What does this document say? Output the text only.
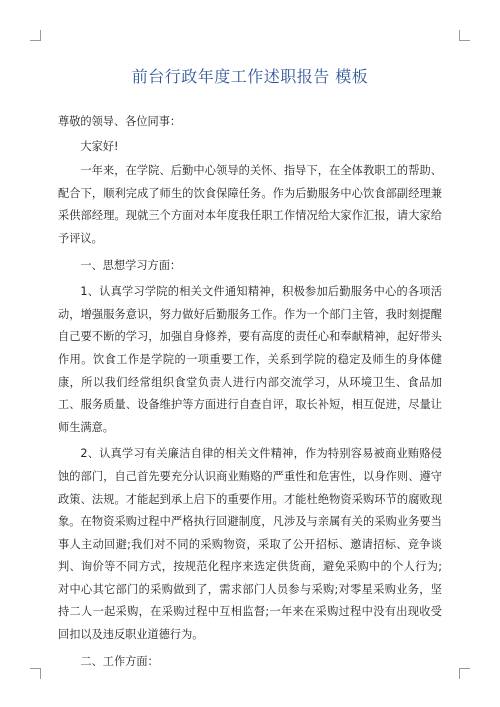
前台行政年度工作述职报告 模板

尊敬的领导、各位同事：

大家好!

一年来，在学院、后勤中心领导的关怀、指导下，在全体教职工的帮助、配合下，顺利完成了师生的饮食保障任务。作为后勤服务中心饮食部副经理兼采供部经理。现就三个方面对本年度我任职工作情况给大家作汇报，请大家给予评议。

一、思想学习方面：

1、认真学习学院的相关文件通知精神，积极参加后勤服务中心的各项活动，增强服务意识，努力做好后勤服务工作。作为一个部门主管，我时刻提醒自己要不断的学习，加强自身修养，要有高度的责任心和奉献精神，起好带头作用。饮食工作是学院的一项重要工作，关系到学院的稳定及师生的身体健康，所以我们经常组织食堂负责人进行内部交流学习，从环境卫生、食品加工、服务质量、设备维护等方面进行自查自评，取长补短，相互促进，尽量让师生满意。

2、认真学习有关廉洁自律的相关文件精神，作为特别容易被商业贿赂侵蚀的部门，自己首先要充分认识商业贿赂的严重性和危害性，以身作则、遵守政策、法规。才能起到承上启下的重要作用。才能杜绝物资采购环节的腐败现象。在物资采购过程中严格执行回避制度，凡涉及与亲属有关的采购业务要当事人主动回避;我们对不同的采购物资，采取了公开招标、邀请招标、竞争谈判、询价等不同方式，按规范化程序来选定供货商，避免采购中的个人行为;对中心其它部门的采购做到了，需求部门人员参与采购;对零星采购业务，坚持二人一起采购，在采购过程中互相监督;一年来在采购过程中没有出现收受回扣以及违反职业道德行为。

二、工作方面：
